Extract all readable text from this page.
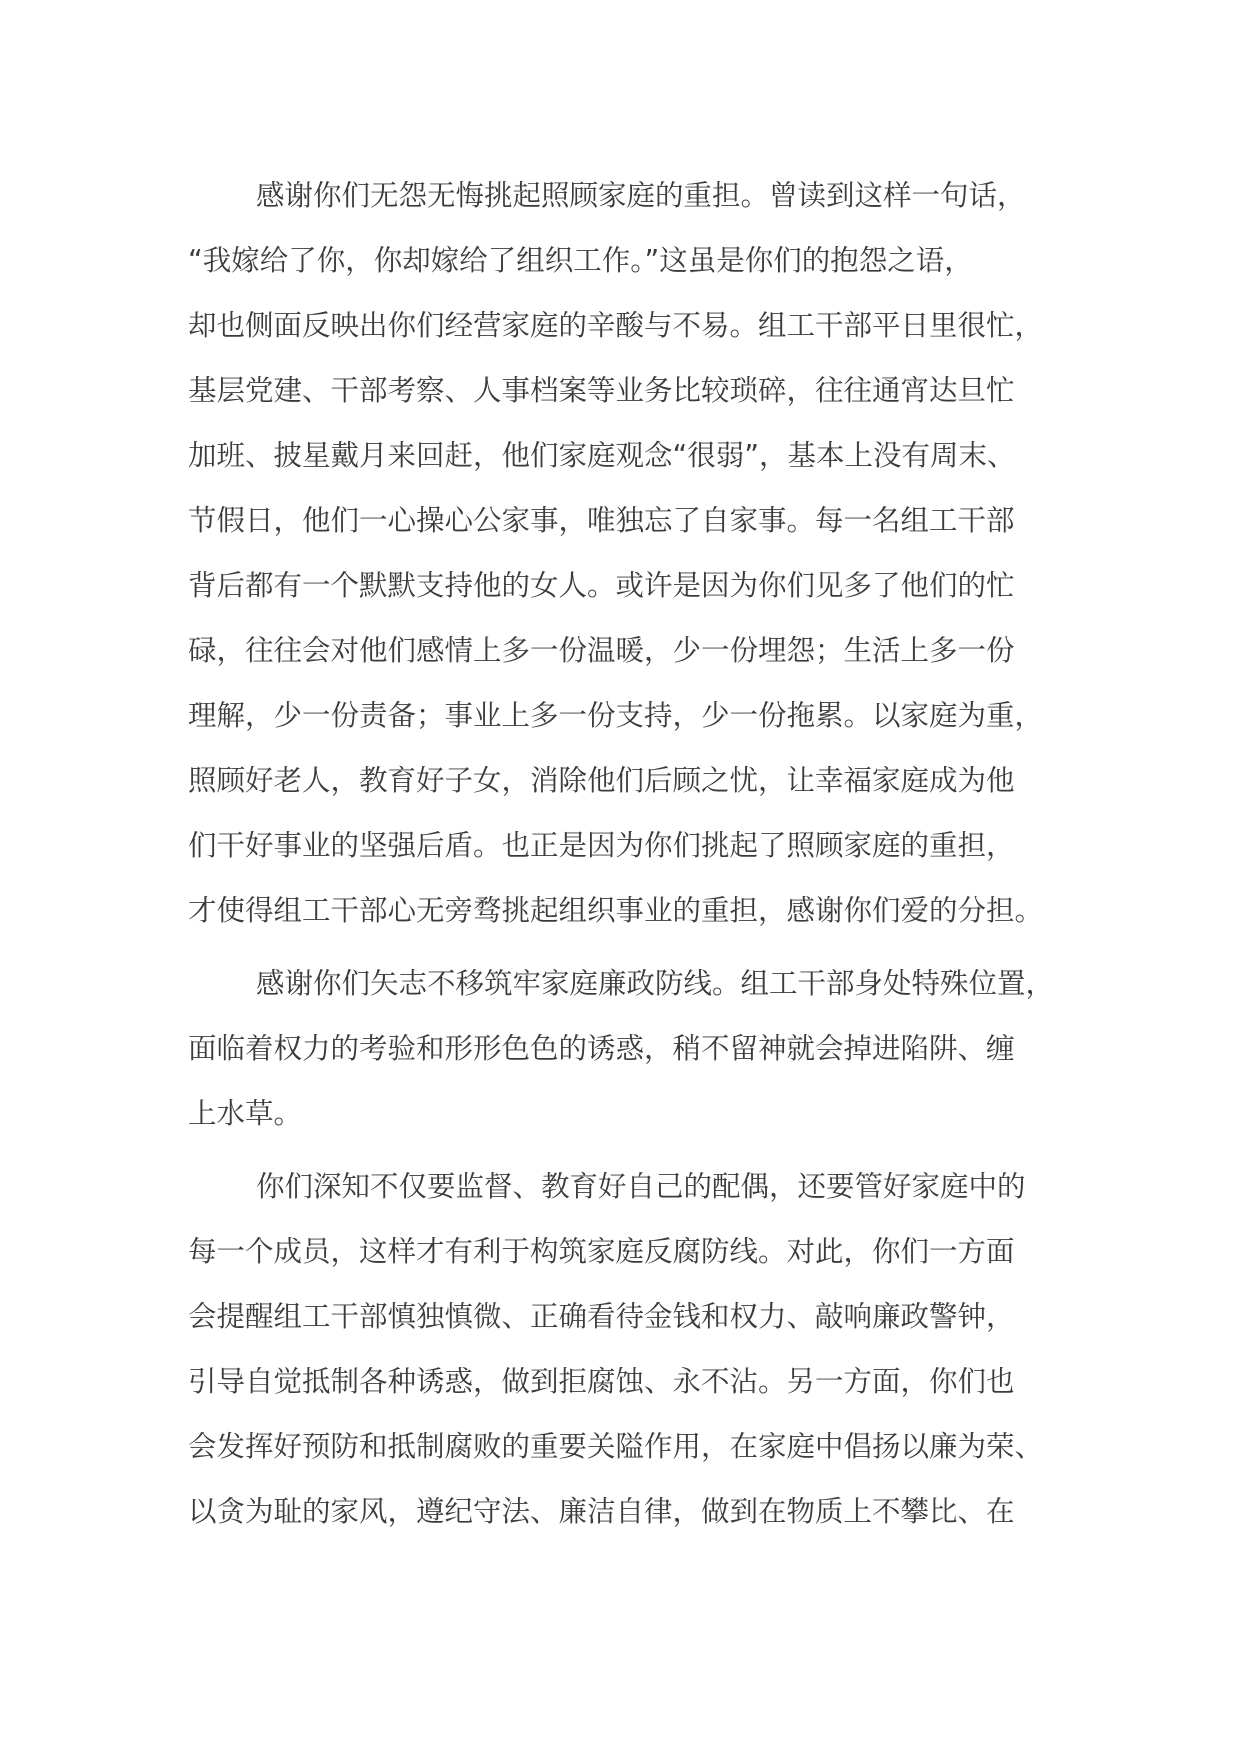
感谢你们无怨无悔挑起照顾家庭的重担。曾读到这样一句话，
“我嫁给了你，你却嫁给了组织工作。”这虽是你们的抱怨之语，
却也侧面反映出你们经营家庭的辛酸与不易。组工干部平日里很忙，
基层党建、干部考察、人事档案等业务比较琐碎，往往通宵达旦忙
加班、披星戴月来回赶，他们家庭观念“很弱”，基本上没有周末、
节假日，他们一心操心公家事，唯独忘了自家事。每一名组工干部
背后都有一个默默支持他的女人。或许是因为你们见多了他们的忙
碌，往往会对他们感情上多一份温暖，少一份埋怨；生活上多一份
理解，少一份责备；事业上多一份支持，少一份拖累。以家庭为重，
照顾好老人，教育好子女，消除他们后顾之忧，让幸福家庭成为他
们干好事业的坚强后盾。也正是因为你们挑起了照顾家庭的重担，
才使得组工干部心无旁骛挑起组织事业的重担，感谢你们爱的分担。
感谢你们矢志不移筑牢家庭廉政防线。组工干部身处特殊位置，
面临着权力的考验和形形色色的诱惑，稍不留神就会掉进陷阱、缠
上水草。
你们深知不仅要监督、教育好自己的配偶，还要管好家庭中的
每一个成员，这样才有利于构筑家庭反腐防线。对此，你们一方面
会提醒组工干部慎独慎微、正确看待金钱和权力、敲响廉政警钟，
引导自觉抵制各种诱惑，做到拒腐蚀、永不沾。另一方面，你们也
会发挥好预防和抵制腐败的重要关隘作用，在家庭中倡扬以廉为荣、
以贪为耻的家风，遵纪守法、廉洁自律，做到在物质上不攀比、在
